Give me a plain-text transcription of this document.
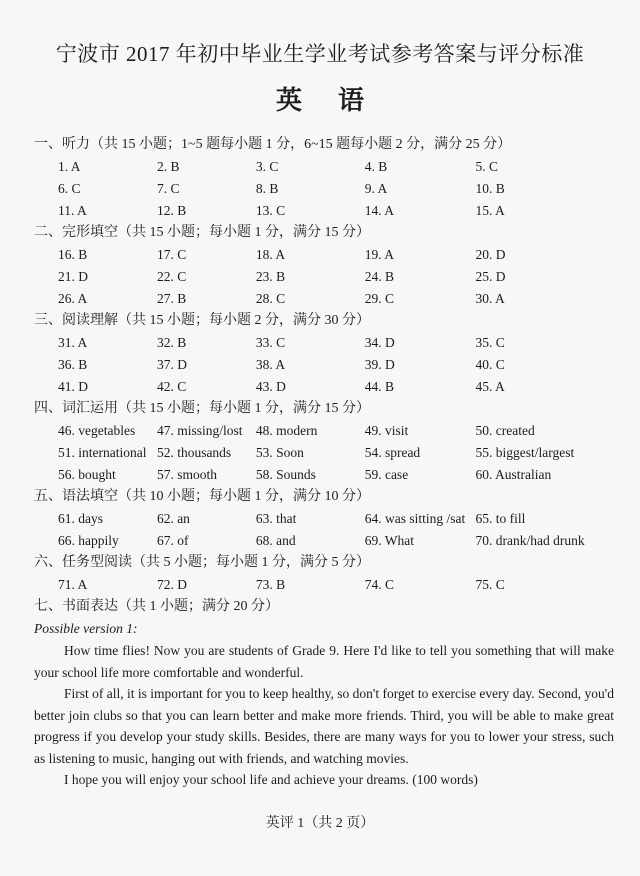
宁波市 2017 年初中毕业生学业考试参考答案与评分标准
英语
一、听力（共 15 小题；1~5 题每小题 1 分，6~15 题每小题 2 分，满分 25 分）
1. A	2. B	3. C	4. B	5. C
6. C	7. C	8. B	9. A	10. B
11. A	12. B	13. C	14. A	15. A
二、完形填空（共 15 小题；每小题 1 分，满分 15 分）
16. B	17. C	18. A	19. A	20. D
21. D	22. C	23. B	24. B	25. D
26. A	27. B	28. C	29. C	30. A
三、阅读理解（共 15 小题；每小题 2 分，满分 30 分）
31. A	32. B	33. C	34. D	35. C
36. B	37. D	38. A	39. D	40. C
41. D	42. C	43. D	44. B	45. A
四、词汇运用（共 15 小题；每小题 1 分，满分 15 分）
46. vegetables	47. missing/lost 48. modern	49. visit	50. created
51. international 52. thousands	53. Soon	54. spread	55. biggest/largest
56. bought	57. smooth	58. Sounds	59. case	60. Australian
五、语法填空（共 10 小题；每小题 1 分，满分 10 分）
61. days	62. an	63. that	64. was sitting /sat 65. to fill
66. happily	67. of	68. and	69. What	70. drank/had drunk
六、任务型阅读（共 5 小题；每小题 1 分，满分 5 分）
71. A	72. D	73. B	74. C	75. C
七、书面表达（共 1 小题；满分 20 分）
Possible version 1:

How time flies! Now you are students of Grade 9. Here I'd like to tell you something that will make your school life more comfortable and wonderful.

First of all, it is important for you to keep healthy, so don't forget to exercise every day. Second, you'd better join clubs so that you can learn better and make more friends. Third, you will be able to make great progress if you develop your study skills. Besides, there are many ways for you to lower your stress, such as listening to music, hanging out with friends, and watching movies.

I hope you will enjoy your school life and achieve your dreams. (100 words)

英评 1（共 2 页）
